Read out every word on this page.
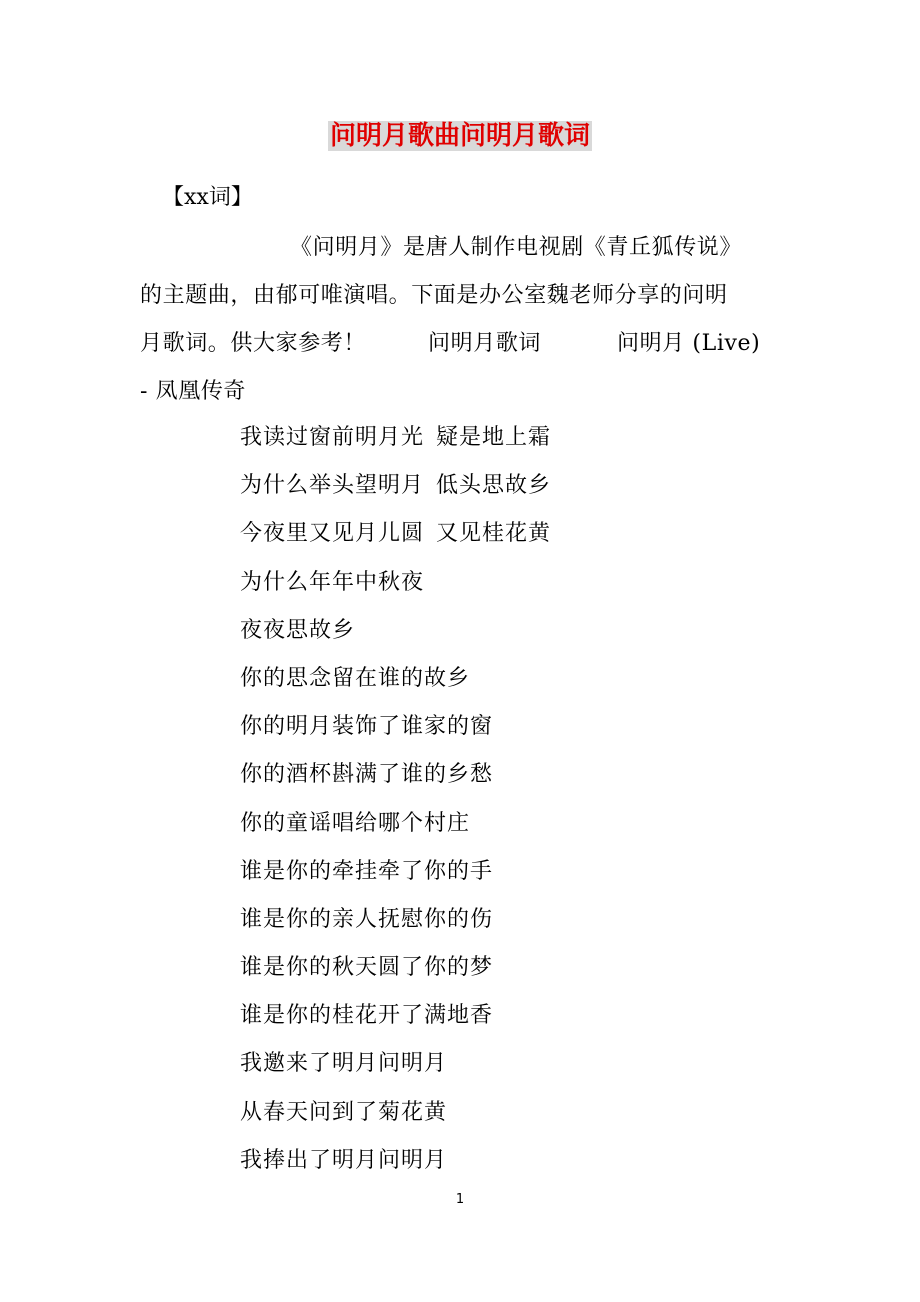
问明月歌曲问明月歌词
【xx词】
《问明月》是唐人制作电视剧《青丘狐传说》
的主题曲，由郁可唯演唱。下面是办公室魏老师分享的问明
月歌词。供大家参考！	问明月歌词	问明月 (Live)
- 凤凰传奇
我读过窗前明月光 疑是地上霜
为什么举头望明月 低头思故乡
今夜里又见月儿圆 又见桂花黄
为什么年年中秋夜
夜夜思故乡
你的思念留在谁的故乡
你的明月装饰了谁家的窗
你的酒杯斟满了谁的乡愁
你的童谣唱给哪个村庄
谁是你的牵挂牵了你的手
谁是你的亲人抚慰你的伤
谁是你的秋天圆了你的梦
谁是你的桂花开了满地香
我邀来了明月问明月
从春天问到了菊花黄
我捧出了明月问明月
1
